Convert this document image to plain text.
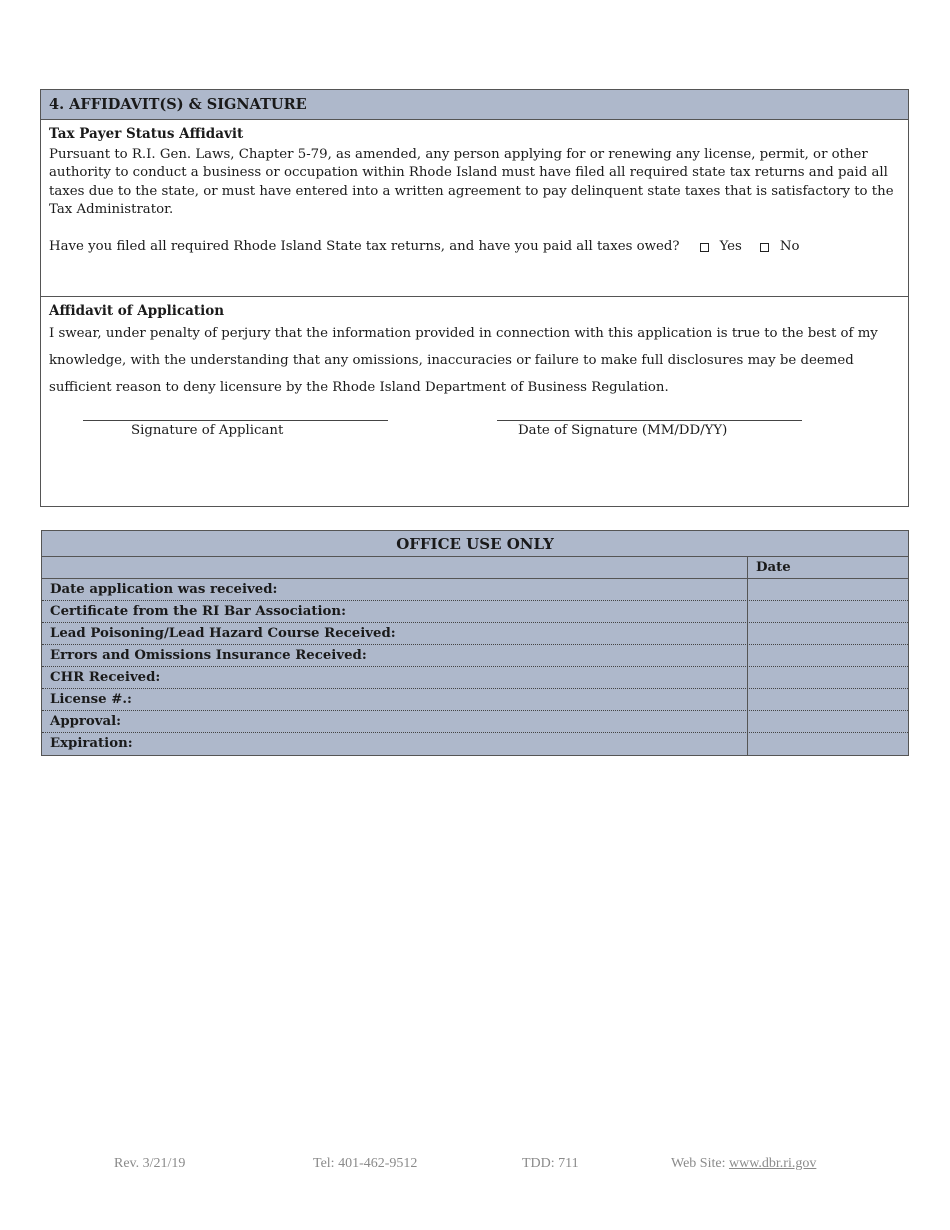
4. AFFIDAVIT(S) & SIGNATURE
Tax Payer Status Affidavit
Pursuant to R.I. Gen. Laws, Chapter 5-79, as amended, any person applying for or renewing any license, permit, or other authority to conduct a business or occupation within Rhode Island must have filed all required state tax returns and paid all taxes due to the state, or must have entered into a written agreement to pay delinquent state taxes that is satisfactory to the Tax Administrator.
Have you filed all required Rhode Island State tax returns, and have you paid all taxes owed?	Yes	No
Affidavit of Application
I swear, under penalty of perjury that the information provided in connection with this application is true to the best of my knowledge, with the understanding that any omissions, inaccuracies or failure to make full disclosures may be deemed sufficient reason to deny licensure by the Rhode Island Department of Business Regulation.
Signature of Applicant	Date of Signature (MM/DD/YY)
OFFICE USE ONLY
Date
Date application was received:
Certificate from the RI Bar Association:
Lead Poisoning/Lead Hazard Course Received:
Errors and Omissions Insurance Received:
CHR Received:
License #.:
Approval:
Expiration:
Rev. 3/21/19	Tel: 401-462-9512	TDD: 711	Web Site: www.dbr.ri.gov
